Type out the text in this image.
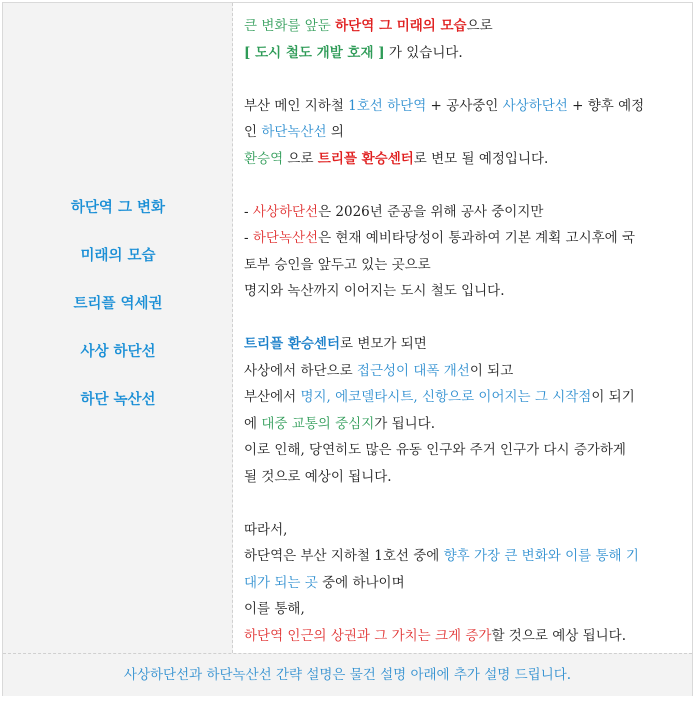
하단역 그 변화
미래의 모습
트리플 역세권
사상 하단선
하단 녹산선

큰 변화를 앞둔 하단역 그 미래의 모습으로

[ 도시 철도 개발 호재 ] 가 있습니다.

부산 메인 지하철 1호선 하단역 + 공사중인 사상하단선 + 향후 예정
인 하단녹산선 의
환승역 으로 트리플 환승센터로 변모 될 예정입니다.

- 사상하단선은 2026년 준공을 위해 공사 중이지만
- 하단녹산선은 현재 예비타당성이 통과하여 기본 계획 고시후에 국
토부 승인을 앞두고 있는 곳으로
명지와 녹산까지 이어지는 도시 철도 입니다.

트리플 환승센터로 변모가 되면
사상에서 하단으로 접근성이 대폭 개선이 되고
부산에서 명지, 에코델타시트, 신항으로 이어지는 그 시작점이 되기
에 대중 교통의 중심지가 됩니다.
이로 인해, 당연히도 많은 유동 인구와 주거 인구가 다시 증가하게
될 것으로 예상이 됩니다.

따라서,
하단역은 부산 지하철 1호선 중에 향후 가장 큰 변화와 이를 통해 기
대가 되는 곳 중에 하나이며
이를 통해,
하단역 인근의 상권과 그 가치는 크게 증가할 것으로 예상 됩니다.

사상하단선과 하단녹산선 간략 설명은 물건 설명 아래에 추가 설명 드립니다.
